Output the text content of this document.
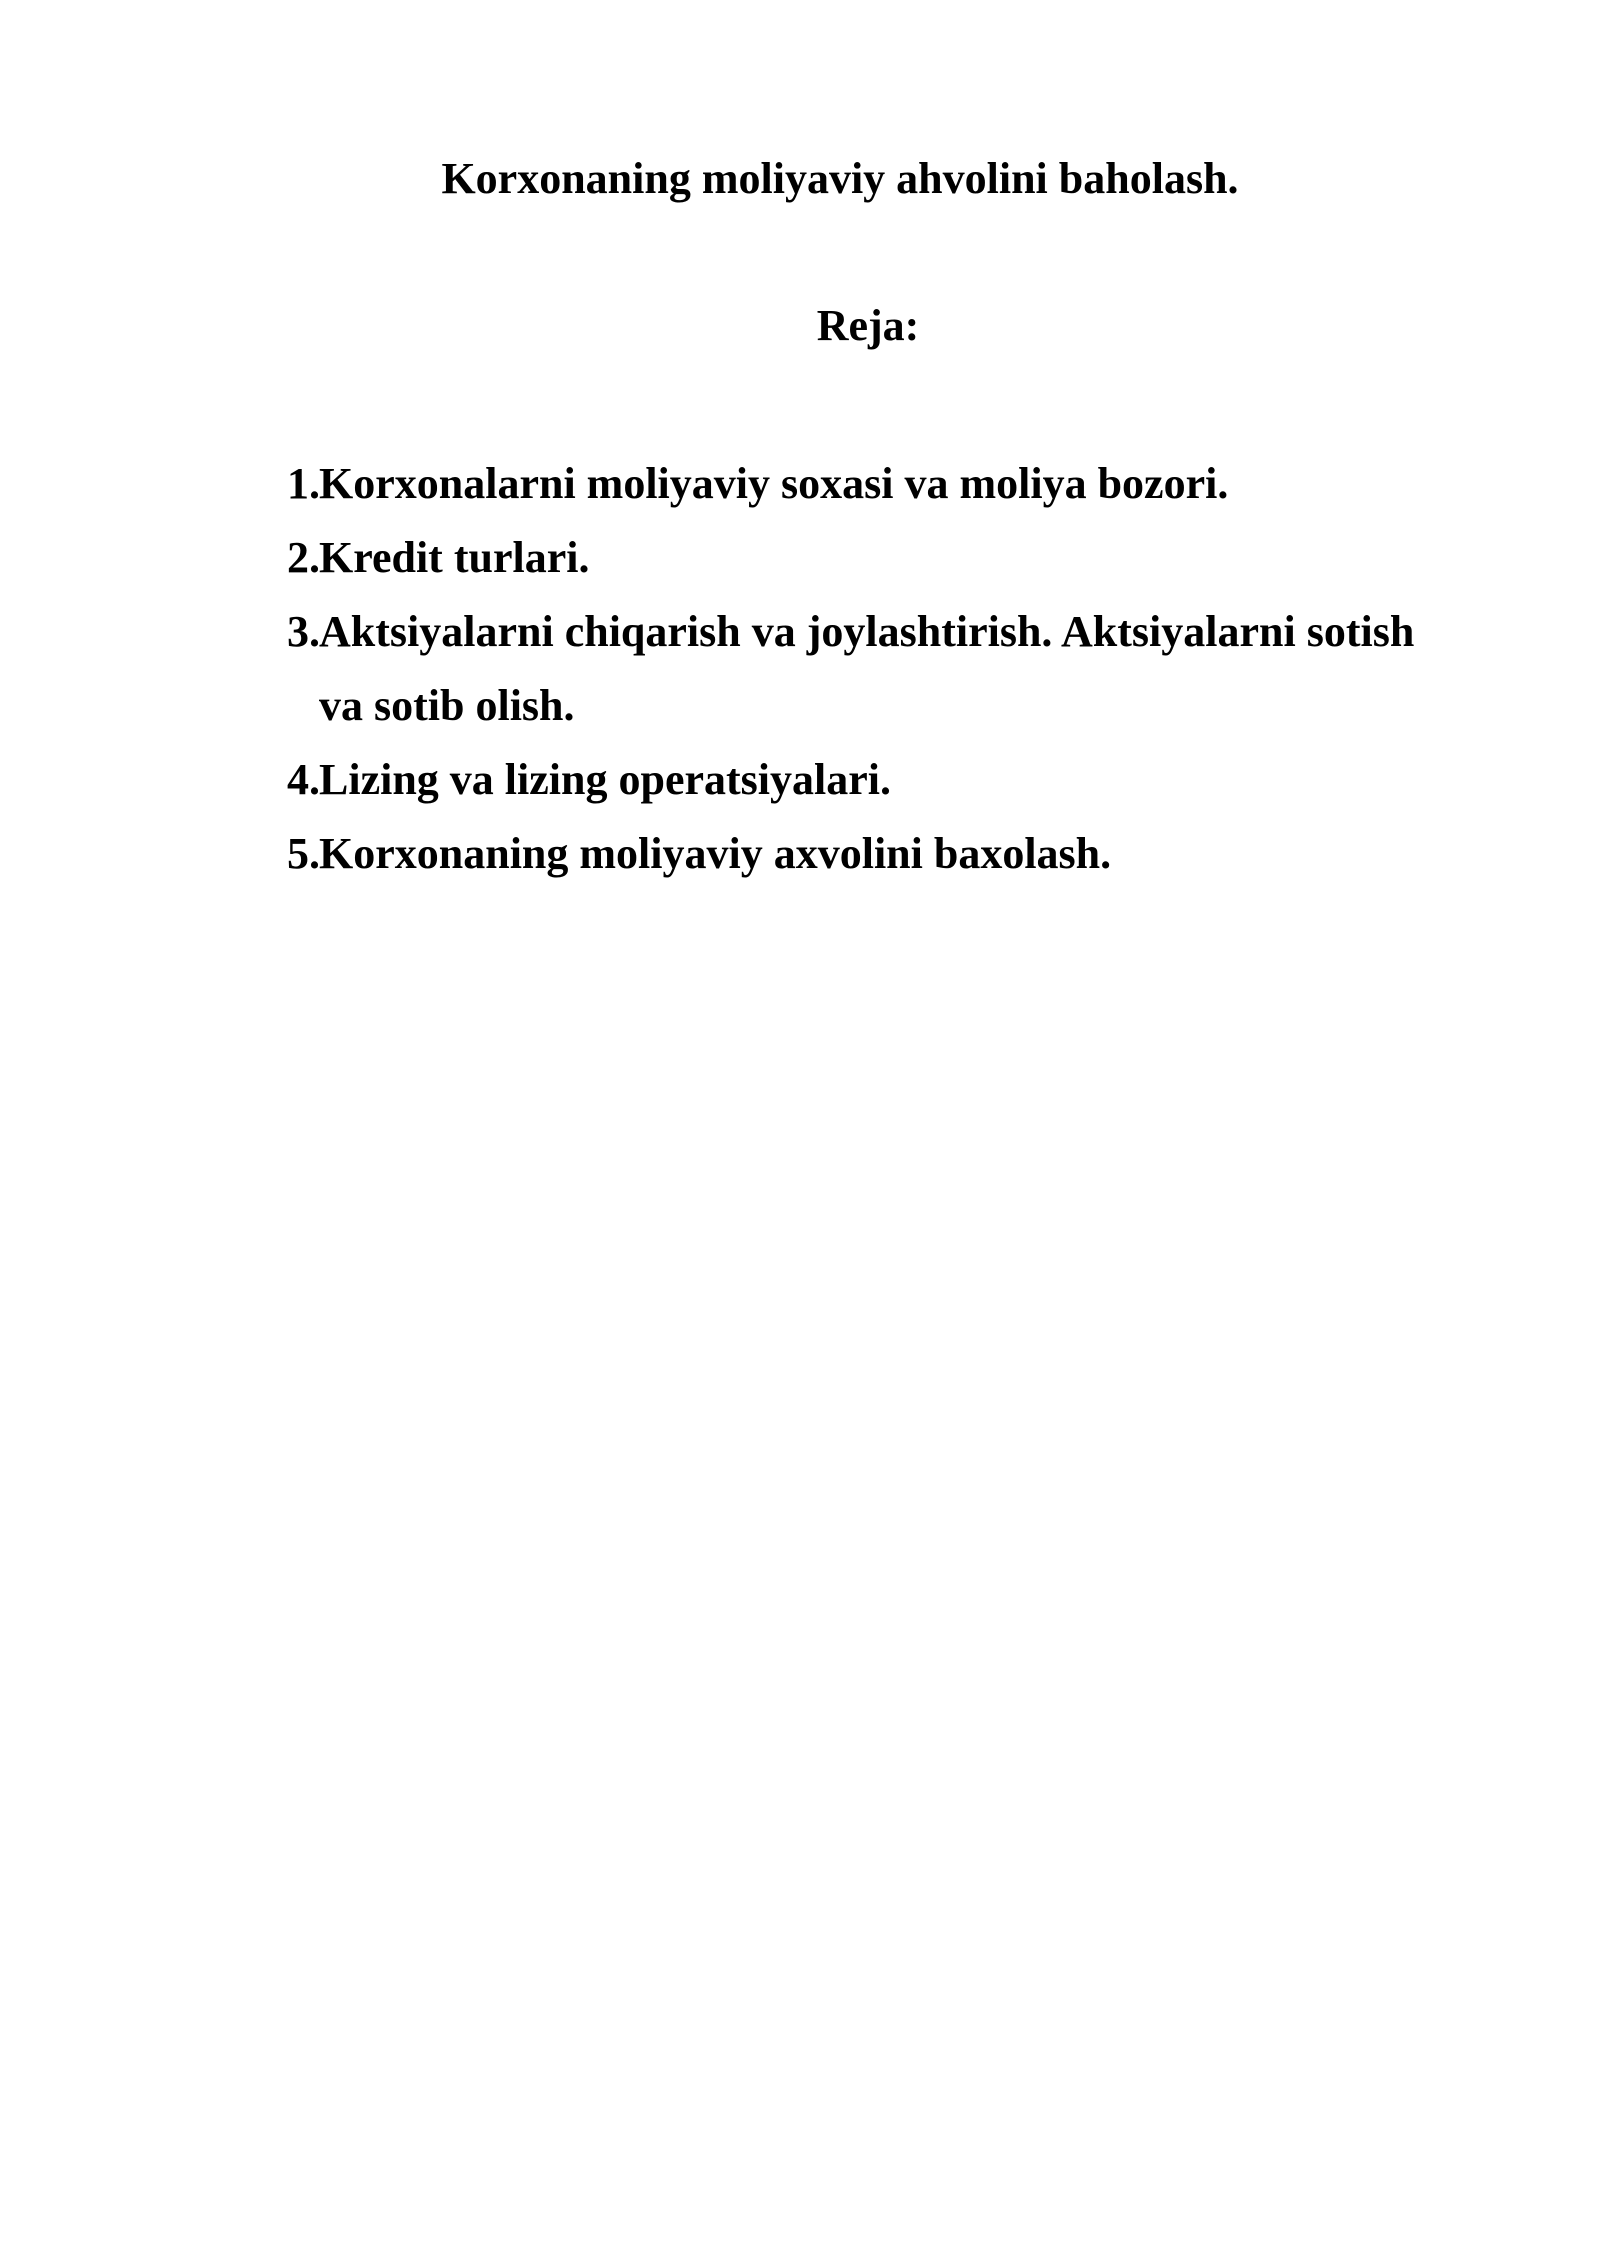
Korxonaning moliyaviy ahvolini baholash.
Reja:
1. Korxonalarni moliyaviy soxasi va moliya bozori.
2. Kredit turlari.
3. Aktsiyalarni chiqarish va joylashtirish. Aktsiyalarni sotish va sotib olish.
4. Lizing va lizing operatsiyalari.
5. Korxonaning moliyaviy axvolini baxolash.
